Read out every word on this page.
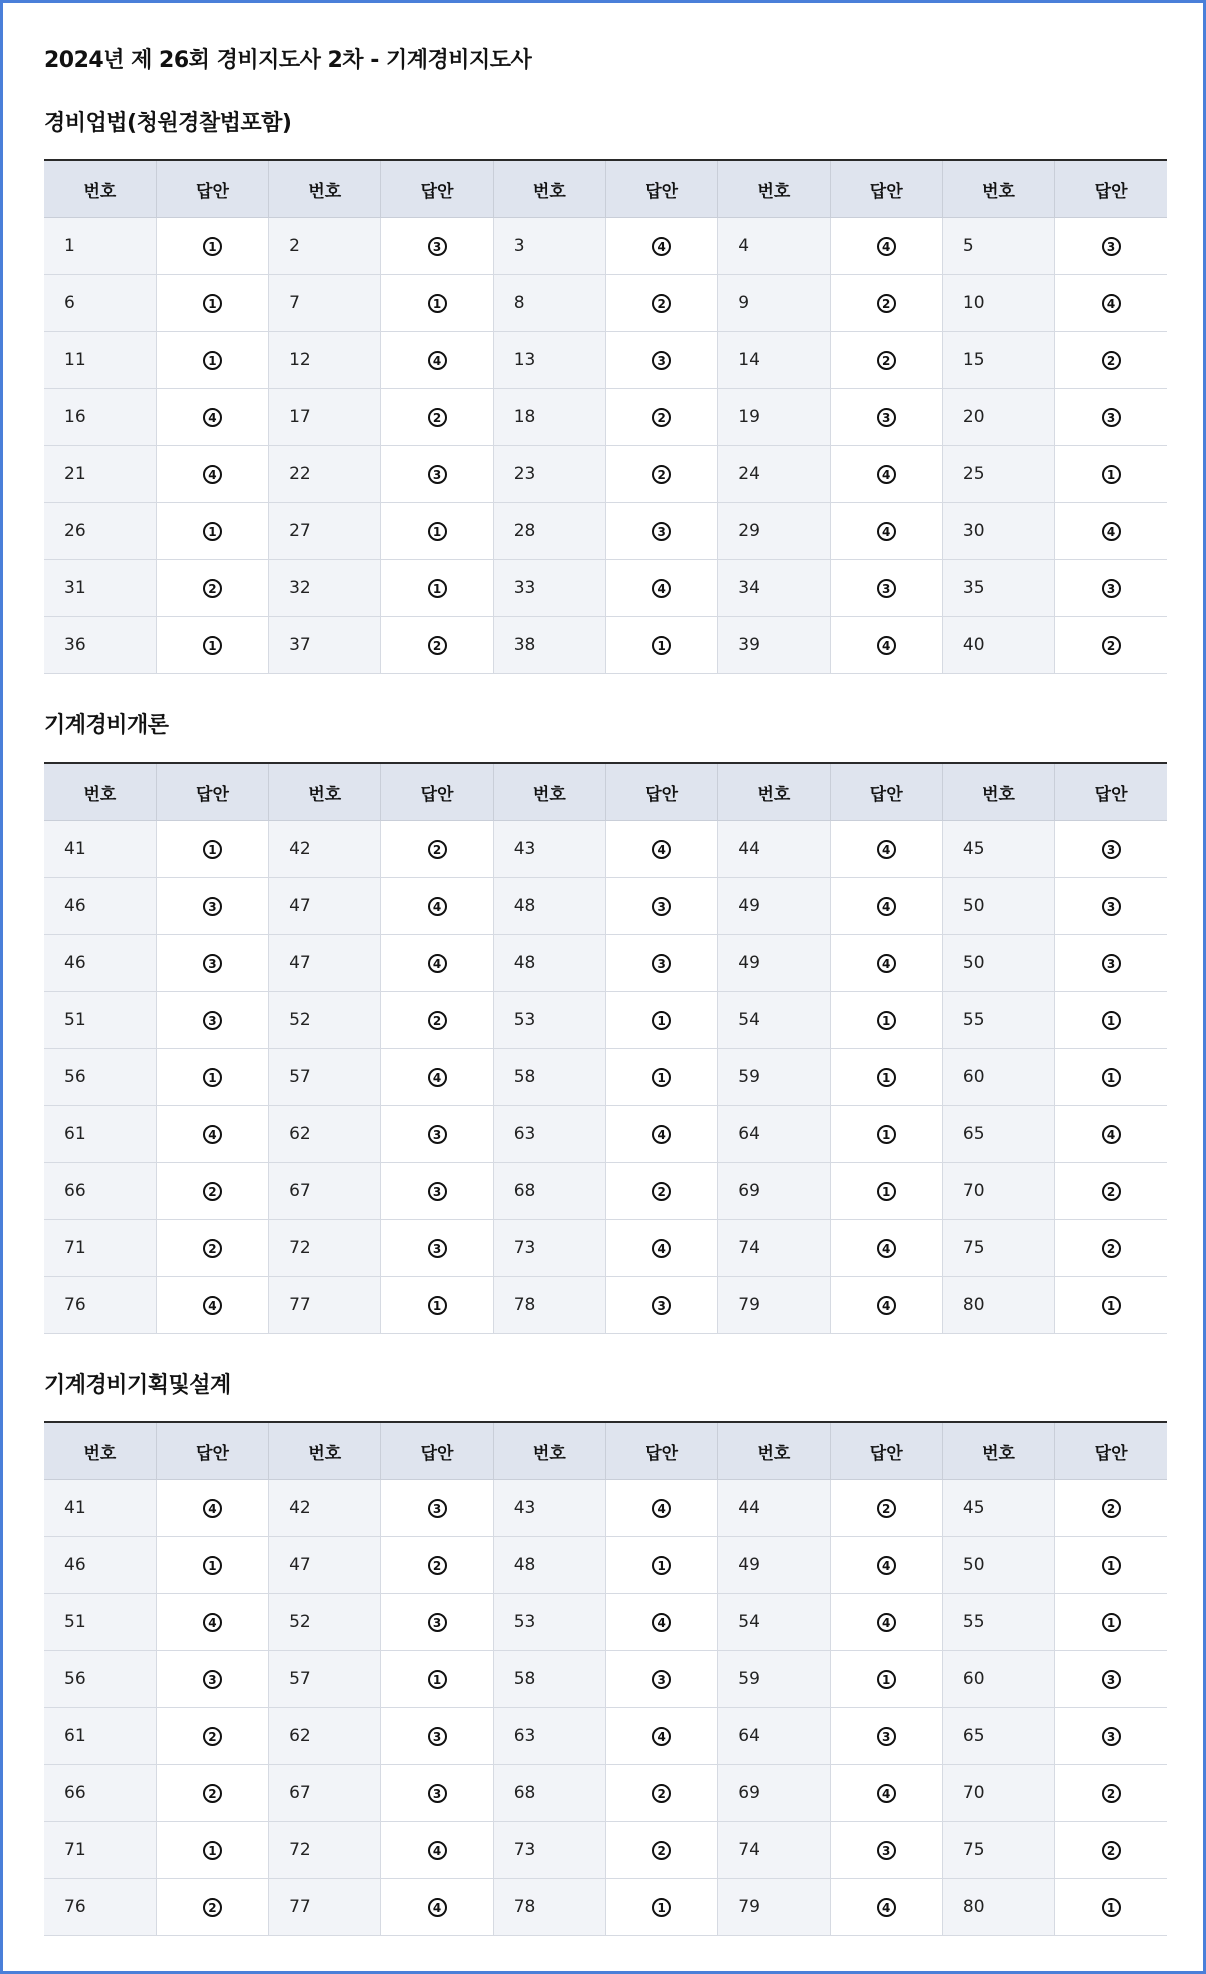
2024년 제 26회 경비지도사 2차 - 기계경비지도사
경비업법(청원경찰법포함)
번호	답안	번호	답안	번호	답안	번호	답안	번호	답안
1	1	2	3	3	4	4	4	5	3
6	1	7	1	8	2	9	2	10	4
11	1	12	4	13	3	14	2	15	2
16	4	17	2	18	2	19	3	20	3
21	4	22	3	23	2	24	4	25	1
26	1	27	1	28	3	29	4	30	4
31	2	32	1	33	4	34	3	35	3
36	1	37	2	38	1	39	4	40	2
기계경비개론
번호	답안	번호	답안	번호	답안	번호	답안	번호	답안
41	1	42	2	43	4	44	4	45	3
46	3	47	4	48	3	49	4	50	3
46	3	47	4	48	3	49	4	50	3
51	3	52	2	53	1	54	1	55	1
56	1	57	4	58	1	59	1	60	1
61	4	62	3	63	4	64	1	65	4
66	2	67	3	68	2	69	1	70	2
71	2	72	3	73	4	74	4	75	2
76	4	77	1	78	3	79	4	80	1
기계경비기획및설계
번호	답안	번호	답안	번호	답안	번호	답안	번호	답안
41	4	42	3	43	4	44	2	45	2
46	1	47	2	48	1	49	4	50	1
51	4	52	3	53	4	54	4	55	1
56	3	57	1	58	3	59	1	60	3
61	2	62	3	63	4	64	3	65	3
66	2	67	3	68	2	69	4	70	2
71	1	72	4	73	2	74	3	75	2
76	2	77	4	78	1	79	4	80	1
